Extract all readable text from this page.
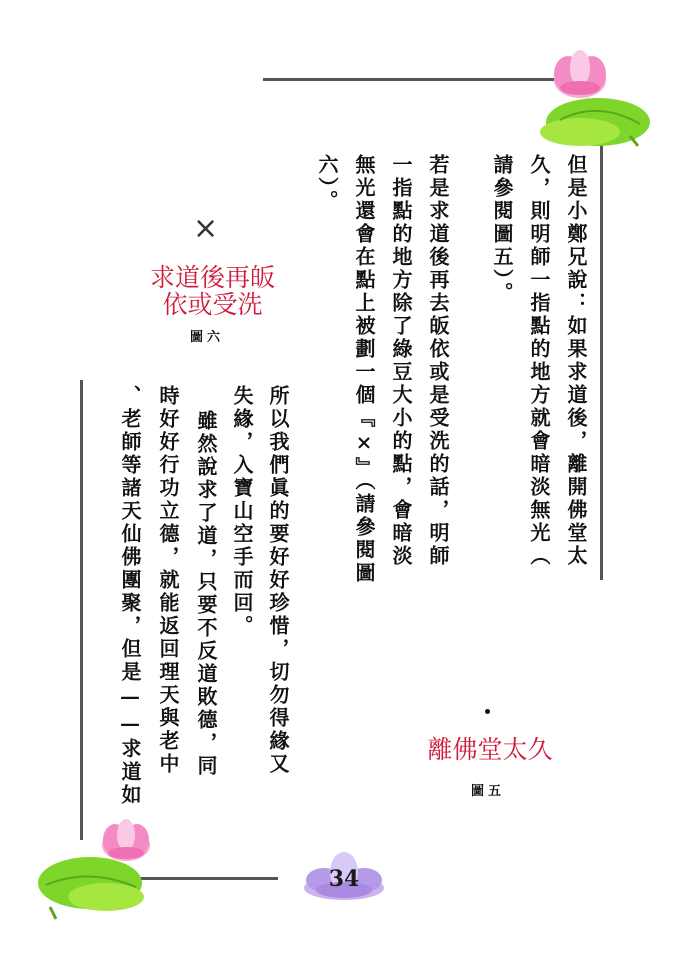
34
但是小鄭兄說：如果求道後，離開佛堂太
久，則明師一指點的地方就會暗淡無光（
請參閱圖五）。
若是求道後再去皈依或是受洗的話，明師
一指點的地方除了綠豆大小的點，會暗淡
無光還會在點上被劃一個『×』（請參閱圖
六）。
所以我們眞的要好好珍惜，切勿得緣又
失緣，入寶山空手而回。
雖然說求了道，只要不反道敗德，同
時好好行功立德，就能返回理天與老中
、老師等諸天仙佛團聚，但是——求道如
×
求道後再皈
依或受洗
圖六
離佛堂太久
圖五
